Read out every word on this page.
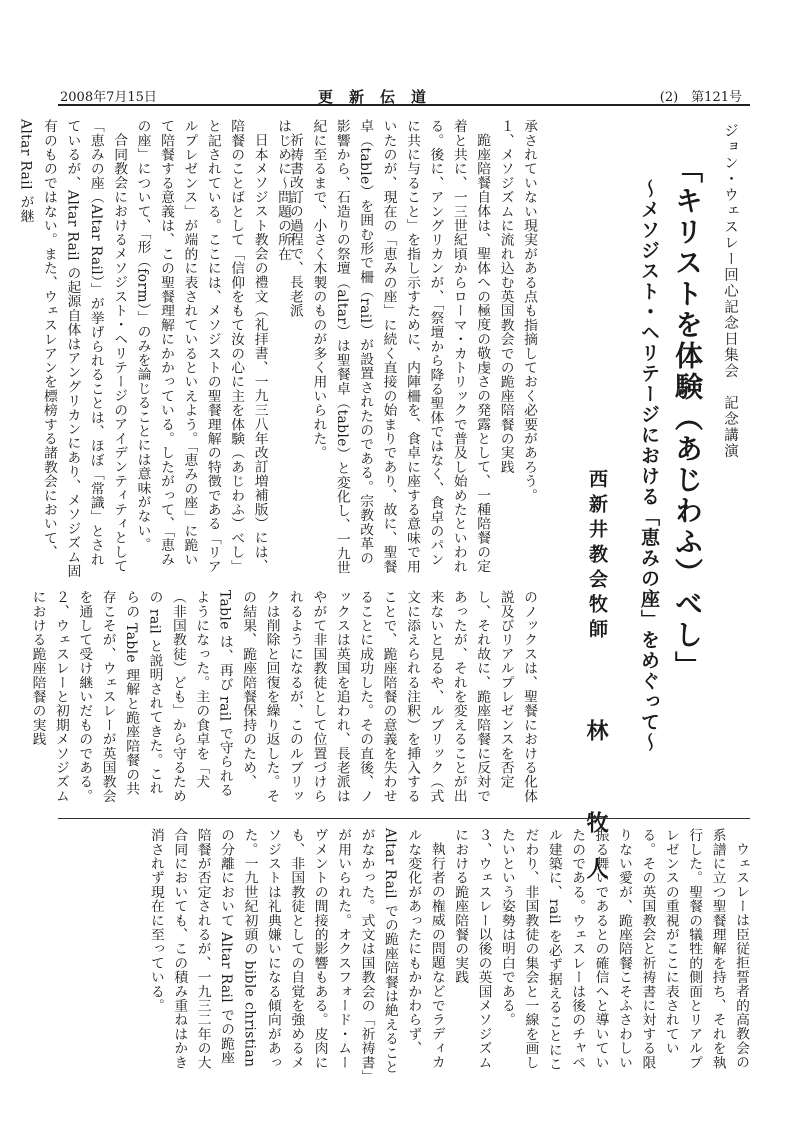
2008年7月15日	更新伝道	(2)　第121号
ジョン・ウェスレー回心記念日集会　記念講演
「キリストを体験（あじわふ）べし」
～メソジスト・ヘリテージにおける「恵みの座」をめぐって～
西新井教会牧師
林　牧人

承されていない現実がある点も指摘しておく必要があろう。

１、メソジズムに流れ込む英国教会での跪座陪餐の実践

跪座陪餐自体は、聖体への極度の敬虔さの発露として、一種陪餐の定着と共に、一三世紀頃からローマ・カトリックで普及し始めたといわれる。後に、アングリカンが、「祭壇から降る聖体ではなく、食卓のパンに共に与ること」を指し示すために、内陣柵を、食卓に座する意味で用いたのが、現在の「恵みの座」に続く直接の始まりであり、故に、聖餐卓（table）を囲む形で柵（rail）が設置されたのである。宗教改革の影響から、石造りの祭壇（altar）は聖餐卓（table）と変化し、一九世紀に至るまで、小さく木製のものが多く用いられた。

祈祷書改訂の過程で、長老派

はじめに～問題の所在

日本メソジスト教会の禮文（礼拝書、一九三八年改訂増補版）には、陪餐のことばとして「信仰をもて汝の心に主を体験（あじわふ）べし」と記されている。ここには、メソジストの聖餐理解の特徴である「リアルプレゼンス」が端的に表されているといえよう。「恵みの座」に跪いて陪餐する意義は、この聖餐理解にかかっている。したがって、「恵みの座」について、「形（form）」のみを論じることには意味がない。

合同教会におけるメソジスト・ヘリテージのアイデンティティとして「恵みの座（Altar Rail）」が挙げられることは、ほぼ「常識」とされているが、Altar Rail の起源自体はアングリカンにあり、メソジズム固有のものではない。また、ウェスレアンを標榜する諸教会において、Altar Rail が継

のノックスは、聖餐における化体説及びリアルプレゼンスを否定し、それ故に、跪座陪餐に反対であったが、それを変えることが出来ないと見るや、ルブリック（式文に添えられる注釈）を挿入することで、跪座陪餐の意義を失わせることに成功した。その直後、ノックスは英国を追われ、長老派はやがて非国教徒として位置づけられるようになるが、このルブリックは削除と回復を繰り返した。その結果、跪座陪餐保持のため、Table は、再び rail で守られるようになった。主の食卓を「犬（非国教徒）ども」から守るための rail と説明されてきた。これらの Table 理解と跪座陪餐の共存こそが、ウェスレーが英国教会を通して受け継いだものである。

２、ウェスレーと初期メソジズムにおける跪座陪餐の実践

ウェスレーは臣従拒誓者的高教会の系譜に立つ聖餐理解を持ち、それを執行した。聖餐の犠牲的側面とリアルプレゼンスの重視がここに表されている。その英国教会と祈祷書に対する限りない愛が、跪座陪餐こそふさわしい振る舞いであるとの確信へと導いていたのである。ウェスレーは後のチャペル建築に、rail を必ず据えることにこだわり、非国教徒の集会と一線を画したいという姿勢は明白である。

３、ウェスレー以後の英国メソジズムにおける跪座陪餐の実践

執行者の権威の問題などでラディカルな変化があったにもかかわらず、Altar Rail での跪座陪餐は絶えることがなかった。式文は国教会の「祈祷書」が用いられた。オクスフォード・ムーヴメントの間接的影響もある。皮肉にも、非国教徒としての自覚を強めるメソジストは礼典嫌いになる傾向があった。一九世紀初頭の bible christian の分離において Altar Rail での跪座陪餐が否定されるが、一九三二年の大合同においても、この積み重ねはかき消されず現在に至っている。
